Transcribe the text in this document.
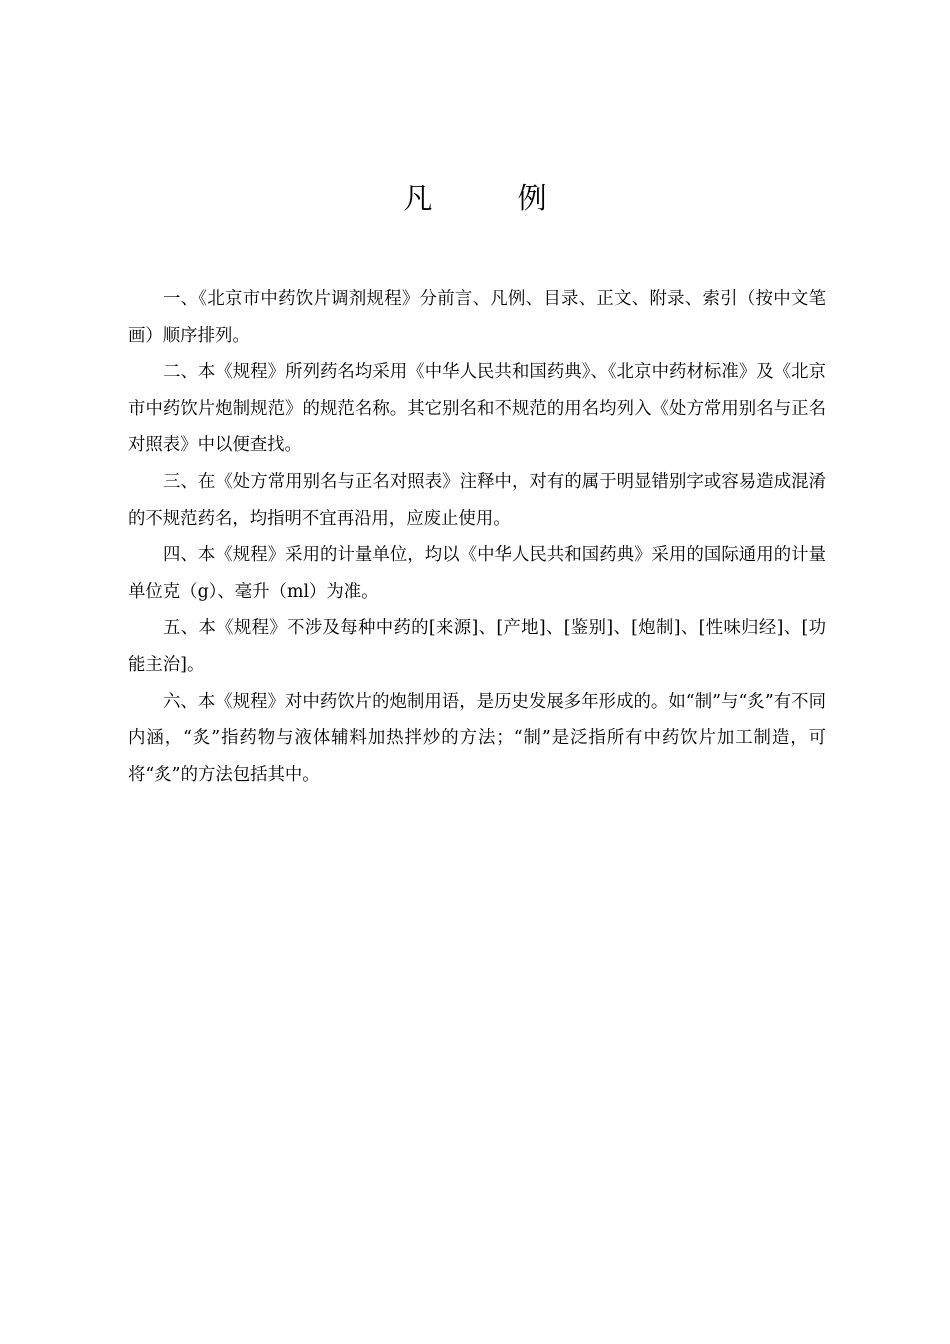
凡 例

一、《北京市中药饮片调剂规程》分前言、凡例、目录、正文、附录、索引（按中文笔画）顺序排列。

二、本《规程》所列药名均采用《中华人民共和国药典》、《北京中药材标准》及《北京市中药饮片炮制规范》的规范名称。其它别名和不规范的用名均列入《处方常用别名与正名对照表》中以便查找。

三、在《处方常用别名与正名对照表》注释中，对有的属于明显错别字或容易造成混淆的不规范药名，均指明不宜再沿用，应废止使用。

四、本《规程》采用的计量单位，均以《中华人民共和国药典》采用的国际通用的计量单位克（g）、毫升（ml）为准。

五、本《规程》不涉及每种中药的[来源]、[产地]、[鉴别]、[炮制]、[性味归经]、[功能主治]。

六、本《规程》对中药饮片的炮制用语，是历史发展多年形成的。如“制”与“炙”有不同内涵，“炙”指药物与液体辅料加热拌炒的方法；“制”是泛指所有中药饮片加工制造，可将“炙”的方法包括其中。
